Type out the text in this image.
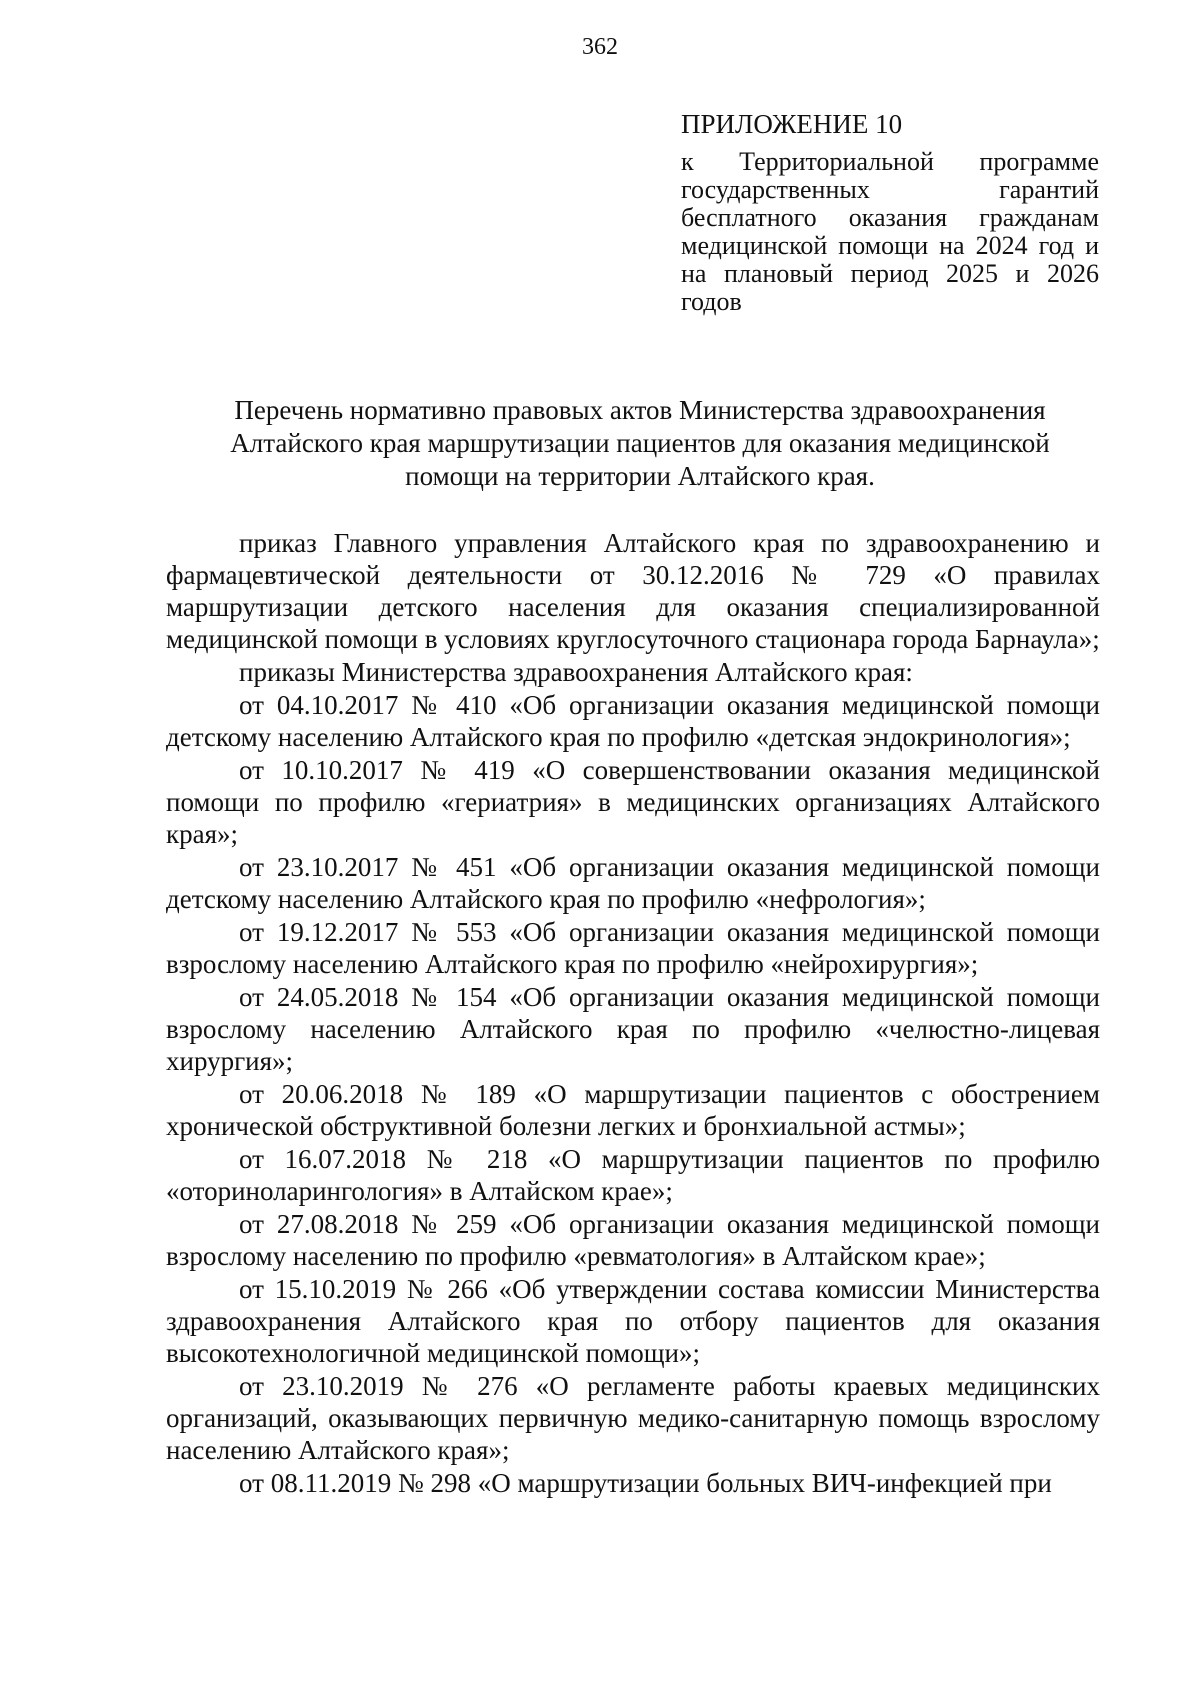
362

ПРИЛОЖЕНИЕ 10

к Территориальной программе государственных гарантий бесплатного оказания гражданам медицинской помощи на 2024 год и на плановый период 2025 и 2026 годов

Перечень нормативно правовых актов Министерства здравоохранения
Алтайского края маршрутизации пациентов для оказания медицинской
помощи на территории Алтайского края.

приказ Главного управления Алтайского края по здравоохранению и фармацевтической деятельности от 30.12.2016 № 729 «О правилах маршрутизации детского населения для оказания специализированной медицинской помощи в условиях круглосуточного стационара города Барнаула»;

приказы Министерства здравоохранения Алтайского края:

от 04.10.2017 № 410 «Об организации оказания медицинской помощи детскому населению Алтайского края по профилю «детская эндокринология»;

от 10.10.2017 № 419 «О совершенствовании оказания медицинской помощи по профилю «гериатрия» в медицинских организациях Алтайского края»;

от 23.10.2017 № 451 «Об организации оказания медицинской помощи детскому населению Алтайского края по профилю «нефрология»;

от 19.12.2017 № 553 «Об организации оказания медицинской помощи взрослому населению Алтайского края по профилю «нейрохирургия»;

от 24.05.2018 № 154 «Об организации оказания медицинской помощи взрослому населению Алтайского края по профилю «челюстно-лицевая хирургия»;

от 20.06.2018 № 189 «О маршрутизации пациентов с обострением хронической обструктивной болезни легких и бронхиальной астмы»;

от 16.07.2018 № 218 «О маршрутизации пациентов по профилю «оториноларингология» в Алтайском крае»;

от 27.08.2018 № 259 «Об организации оказания медицинской помощи взрослому населению по профилю «ревматология» в Алтайском крае»;

от 15.10.2019 № 266 «Об утверждении состава комиссии Министерства здравоохранения Алтайского края по отбору пациентов для оказания высокотехнологичной медицинской помощи»;

от 23.10.2019 № 276 «О регламенте работы краевых медицинских организаций, оказывающих первичную медико-санитарную помощь взрослому населению Алтайского края»;

от 08.11.2019 № 298 «О маршрутизации больных ВИЧ-инфекцией при
